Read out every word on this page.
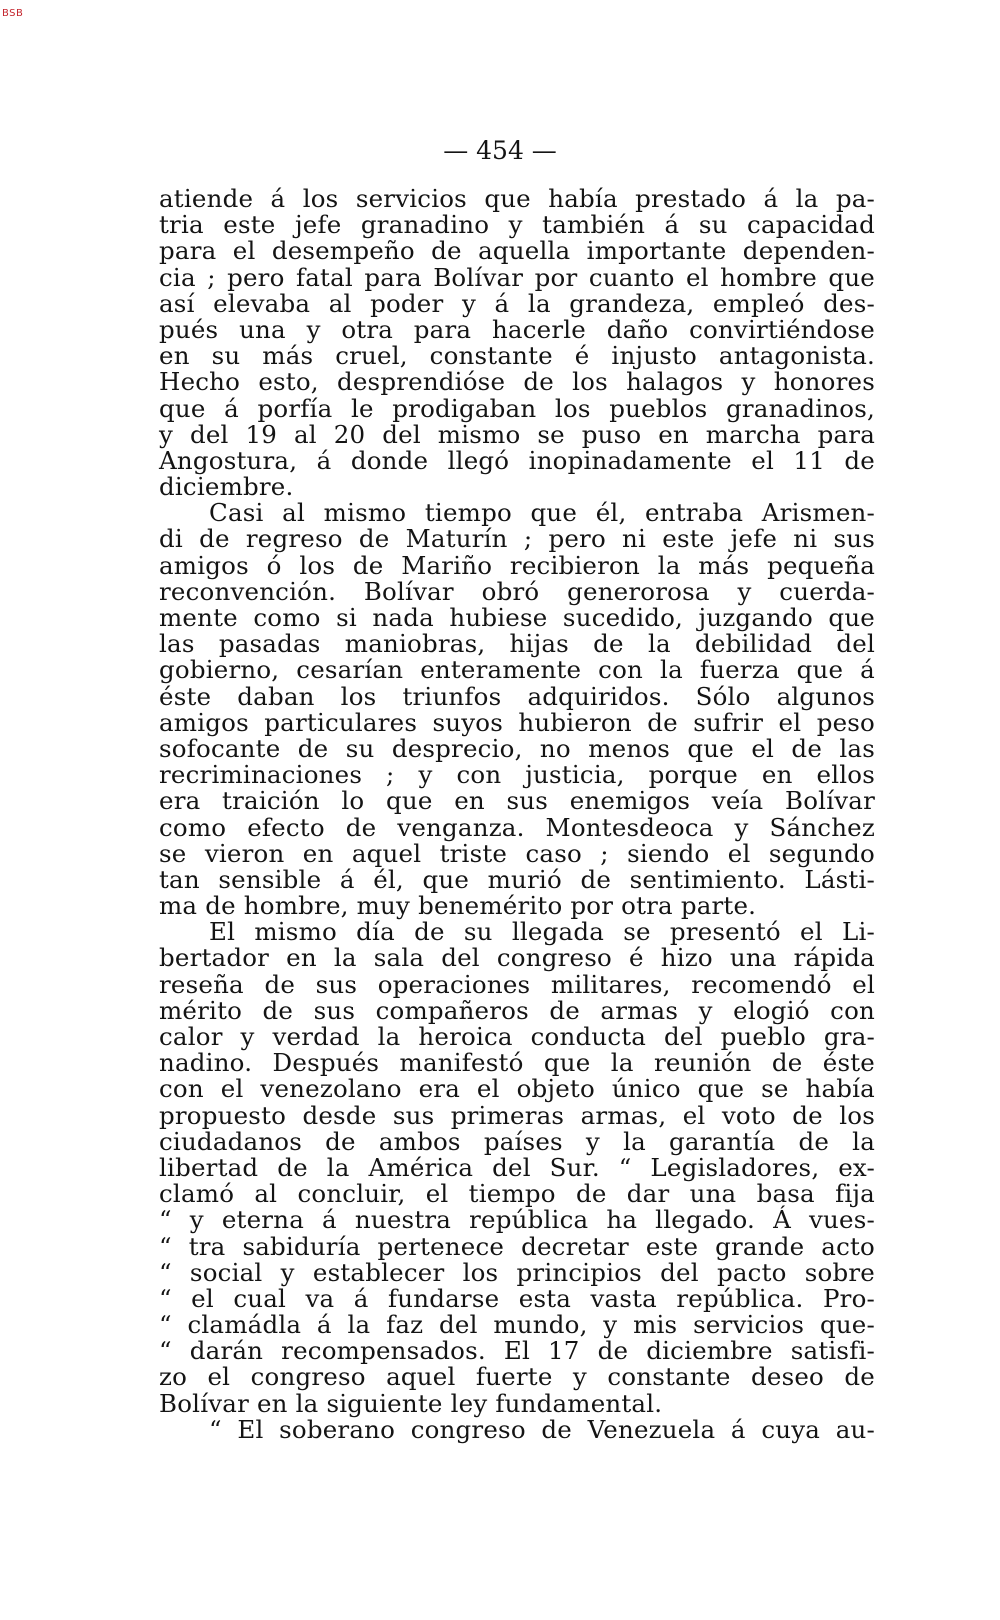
BSB
— 454 —
atiende á los servicios que había prestado á la pa-
tria este jefe granadino y también á su capacidad
para el desempeño de aquella importante dependen-
cia ; pero fatal para Bolívar por cuanto el hombre que
así elevaba al poder y á la grandeza, empleó des-
pués una y otra para hacerle daño convirtiéndose
en su más cruel, constante é injusto antagonista.
Hecho esto, desprendióse de los halagos y honores
que á porfía le prodigaban los pueblos granadinos,
y del 19 al 20 del mismo se puso en marcha para
Angostura, á donde llegó inopinadamente el 11 de
diciembre.
Casi al mismo tiempo que él, entraba Arismen-
di de regreso de Maturín ; pero ni este jefe ni sus
amigos ó los de Mariño recibieron la más pequeña
reconvención. Bolívar obró generorosa y cuerda-
mente como si nada hubiese sucedido, juzgando que
las pasadas maniobras, hijas de la debilidad del
gobierno, cesarían enteramente con la fuerza que á
éste daban los triunfos adquiridos. Sólo algunos
amigos particulares suyos hubieron de sufrir el peso
sofocante de su desprecio, no menos que el de las
recriminaciones ; y con justicia, porque en ellos
era traición lo que en sus enemigos veía Bolívar
como efecto de venganza. Montesdeoca y Sánchez
se vieron en aquel triste caso ; siendo el segundo
tan sensible á él, que murió de sentimiento. Lásti-
ma de hombre, muy benemérito por otra parte.
El mismo día de su llegada se presentó el Li-
bertador en la sala del congreso é hizo una rápida
reseña de sus operaciones militares, recomendó el
mérito de sus compañeros de armas y elogió con
calor y verdad la heroica conducta del pueblo gra-
nadino. Después manifestó que la reunión de éste
con el venezolano era el objeto único que se había
propuesto desde sus primeras armas, el voto de los
ciudadanos de ambos países y la garantía de la
libertad de la América del Sur. “ Legisladores, ex-
clamó al concluir, el tiempo de dar una basa fija
“ y eterna á nuestra república ha llegado. Á vues-
“ tra sabiduría pertenece decretar este grande acto
“ social y establecer los principios del pacto sobre
“ el cual va á fundarse esta vasta república. Pro-
“ clamádla á la faz del mundo, y mis servicios que-
“ darán recompensados. El 17 de diciembre satisfi-
zo el congreso aquel fuerte y constante deseo de
Bolívar en la siguiente ley fundamental.
“ El soberano congreso de Venezuela á cuya au-
